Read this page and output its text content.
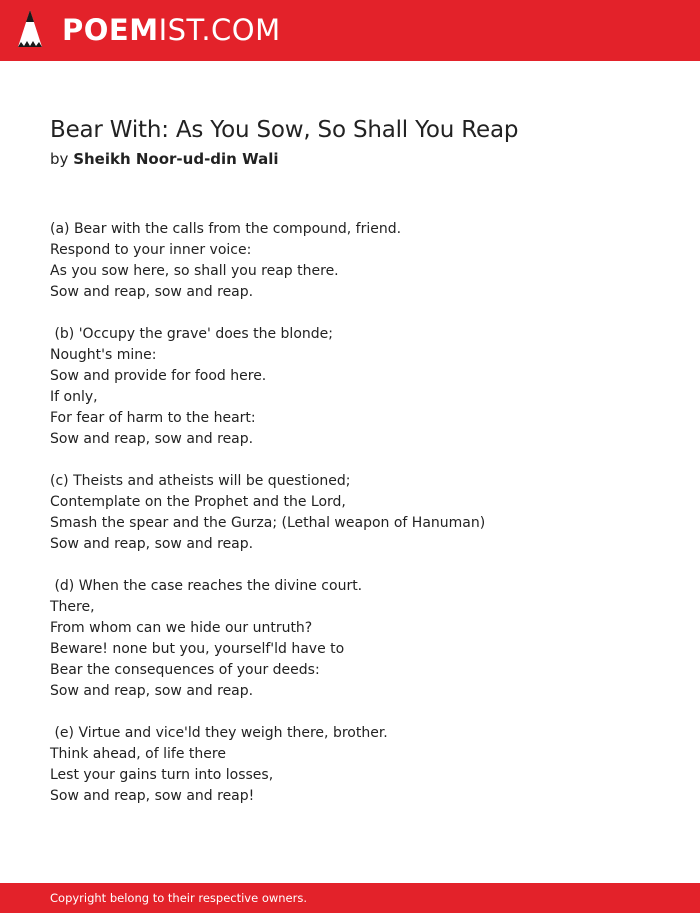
POEMIST.COM
Bear With: As You Sow, So Shall You Reap
by Sheikh Noor-ud-din Wali
(a) Bear with the calls from the compound, friend.
Respond to your inner voice:
As you sow here, so shall you reap there.
Sow and reap, sow and reap.
(b) 'Occupy the grave' does the blonde;
Nought's mine:
Sow and provide for food here.
If only,
For fear of harm to the heart:
Sow and reap, sow and reap.
(c) Theists and atheists will be questioned;
Contemplate on the Prophet and the Lord,
Smash the spear and the Gurza; (Lethal weapon of Hanuman)
Sow and reap, sow and reap.
(d) When the case reaches the divine court.
There,
From whom can we hide our untruth?
Beware! none but you, yourself'ld have to
Bear the consequences of your deeds:
Sow and reap, sow and reap.
(e) Virtue and vice'ld they weigh there, brother.
Think ahead, of life there
Lest your gains turn into losses,
Sow and reap, sow and reap!
Copyright belong to their respective owners.
